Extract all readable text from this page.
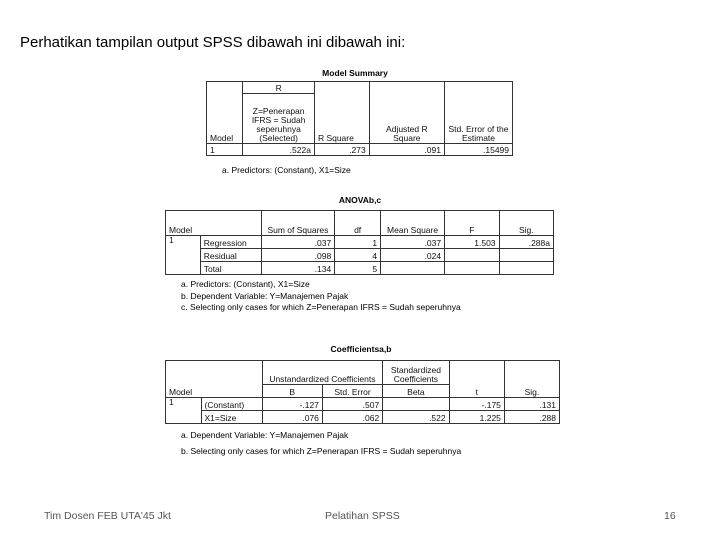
Perhatikan tampilan output SPSS dibawah ini dibawah ini:
Model Summary
Model	R	R Square	Adjusted R Square	Std. Error of the Estimate
	Z=Penerapan IFRS = Sudah seperuhnya (Selected)			
1	.522a	.273	.091	.15499
a. Predictors: (Constant), X1=Size
ANOVAb,c
Model		Sum of Squares	df	Mean Square	F	Sig.
1	Regression	.037	1	.037	1.503	.288a
	Residual	.098	4	.024		
	Total	.134	5			
a. Predictors: (Constant), X1=Size
b. Dependent Variable: Y=Manajemen Pajak
c. Selecting only cases for which Z=Penerapan IFRS = Sudah seperuhnya
Coefficientsa,b
Model		Unstandardized Coefficients		Standardized Coefficients	t	Sig.
		B	Std. Error	Beta		
1	(Constant)	-.127	.507		-.175	.131
	X1=Size	.076	.062	.522	1.225	.288
a. Dependent Variable: Y=Manajemen Pajak
b. Selecting only cases for which Z=Penerapan IFRS = Sudah seperuhnya
Tim Dosen FEB UTA'45 Jkt	Pelatihan SPSS	16
